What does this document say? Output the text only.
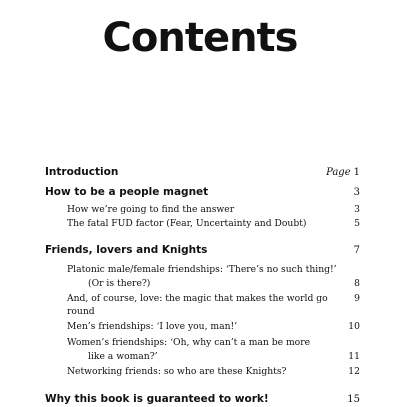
Contents
Introduction	Page 1
How to be a people magnet	3
How we’re going to find the answer	3
The fatal FUD factor (Fear, Uncertainty and Doubt)	5
Friends, lovers and Knights	7
Platonic male/female friendships: ‘There’s no such thing!’
(Or is there?)	8
And, of course, love: the magic that makes the world go round
9
Men’s friendships: ‘I love you, man!’	10
Women’s friendships: ‘Oh, why can’t a man be more
like a woman?’	11
Networking friends: so who are these Knights?	12
Why this book is guaranteed to work!	15
